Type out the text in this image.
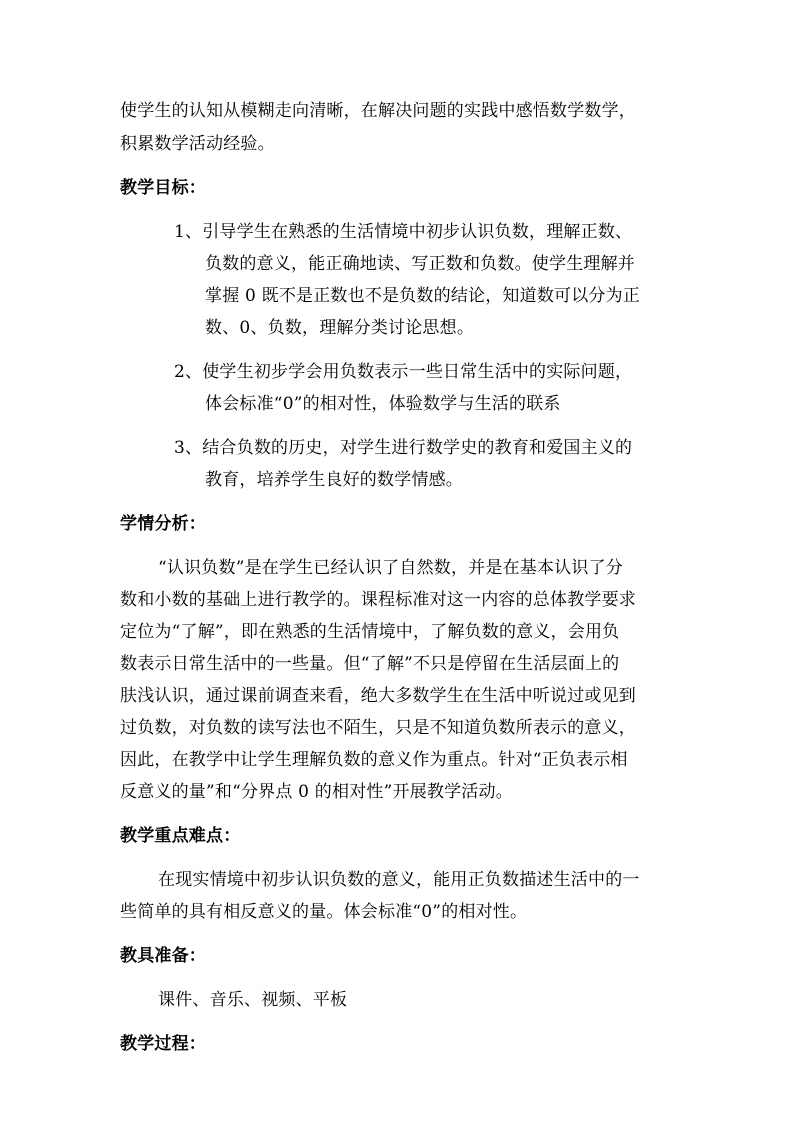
使学生的认知从模糊走向清晰，在解决问题的实践中感悟数学数学，
积累数学活动经验。
教学目标：
1、引导学生在熟悉的生活情境中初步认识负数，理解正数、
负数的意义，能正确地读、写正数和负数。使学生理解并
掌握 0 既不是正数也不是负数的结论，知道数可以分为正
数、0、负数，理解分类讨论思想。
2、使学生初步学会用负数表示一些日常生活中的实际问题，
体会标准“0”的相对性，体验数学与生活的联系
3、结合负数的历史，对学生进行数学史的教育和爱国主义的
教育，培养学生良好的数学情感。
学情分析：
“认识负数”是在学生已经认识了自然数，并是在基本认识了分
数和小数的基础上进行教学的。课程标准对这一内容的总体教学要求
定位为“了解”，即在熟悉的生活情境中，了解负数的意义，会用负
数表示日常生活中的一些量。但“了解”不只是停留在生活层面上的
肤浅认识，通过课前调查来看，绝大多数学生在生活中听说过或见到
过负数，对负数的读写法也不陌生，只是不知道负数所表示的意义，
因此，在教学中让学生理解负数的意义作为重点。针对“正负表示相
反意义的量”和“分界点 0 的相对性”开展教学活动。
教学重点难点：
在现实情境中初步认识负数的意义，能用正负数描述生活中的一
些简单的具有相反意义的量。体会标准“0”的相对性。
教具准备：
课件、音乐、视频、平板
教学过程：
